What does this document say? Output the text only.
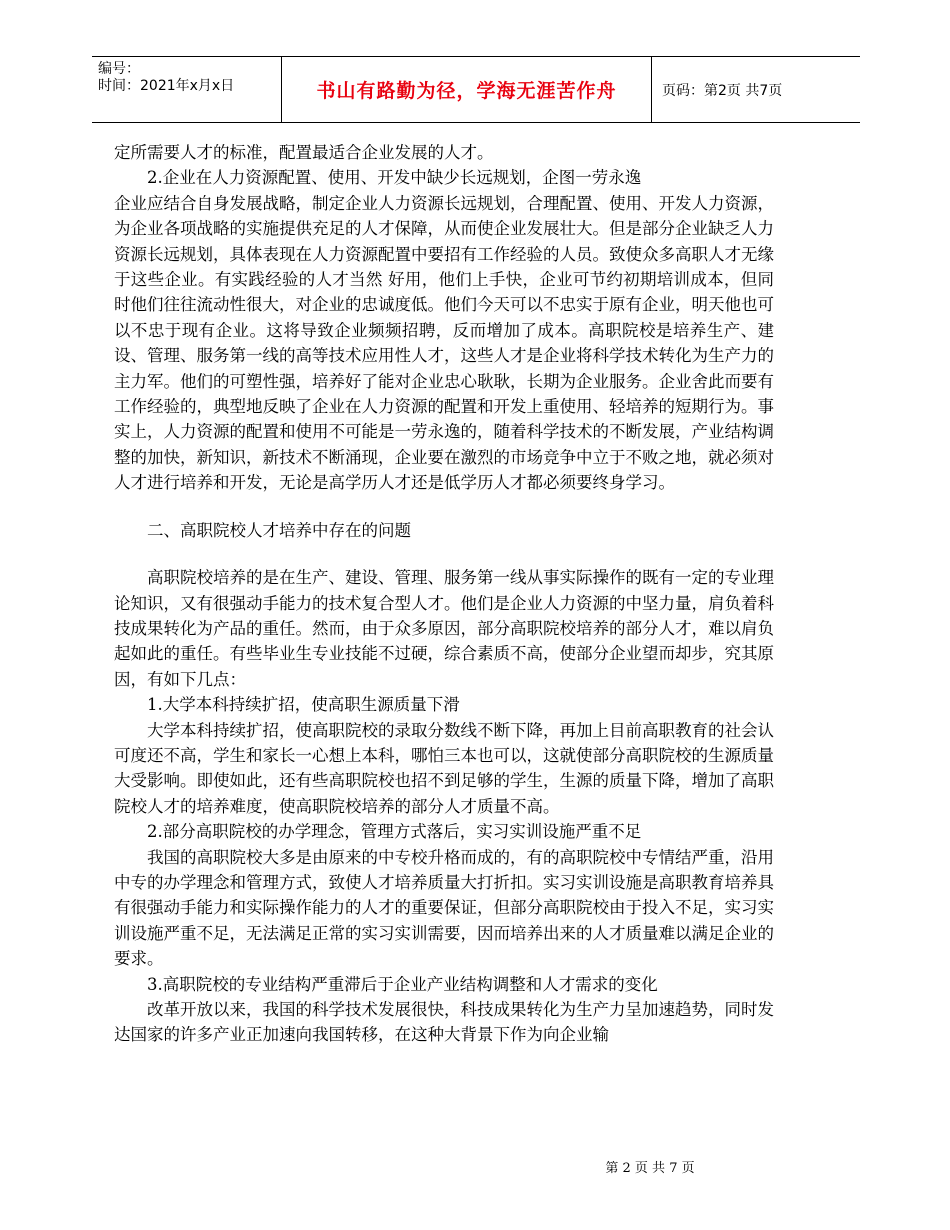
编号：
时间：2021年x月x日	书山有路勤为径，学海无涯苦作舟	页码：第2页 共7页

定所需要人才的标准，配置最适合企业发展的人才。

2.企业在人力资源配置、使用、开发中缺少长远规划，企图一劳永逸

企业应结合自身发展战略，制定企业人力资源长远规划，合理配置、使用、开发人力资源，为企业各项战略的实施提供充足的人才保障，从而使企业发展壮大。但是部分企业缺乏人力资源长远规划，具体表现在人力资源配置中要招有工作经验的人员。致使众多高职人才无缘于这些企业。有实践经验的人才当然 好用，他们上手快，企业可节约初期培训成本，但同时他们往往流动性很大，对企业的忠诚度低。他们今天可以不忠实于原有企业，明天他也可以不忠于现有企业。这将导致企业频频招聘，反而增加了成本。高职院校是培养生产、建设、管理、服务第一线的高等技术应用性人才，这些人才是企业将科学技术转化为生产力的主力军。他们的可塑性强，培养好了能对企业忠心耿耿，长期为企业服务。企业舍此而要有工作经验的，典型地反映了企业在人力资源的配置和开发上重使用、轻培养的短期行为。事实上，人力资源的配置和使用不可能是一劳永逸的，随着科学技术的不断发展，产业结构调整的加快，新知识，新技术不断涌现，企业要在激烈的市场竞争中立于不败之地，就必须对人才进行培养和开发，无论是高学历人才还是低学历人才都必须要终身学习。

二、高职院校人才培养中存在的问题

高职院校培养的是在生产、建设、管理、服务第一线从事实际操作的既有一定的专业理论知识，又有很强动手能力的技术复合型人才。他们是企业人力资源的中坚力量，肩负着科技成果转化为产品的重任。然而，由于众多原因，部分高职院校培养的部分人才，难以肩负起如此的重任。有些毕业生专业技能不过硬，综合素质不高，使部分企业望而却步，究其原因，有如下几点：

1.大学本科持续扩招，使高职生源质量下滑

大学本科持续扩招，使高职院校的录取分数线不断下降，再加上目前高职教育的社会认可度还不高，学生和家长一心想上本科，哪怕三本也可以，这就使部分高职院校的生源质量大受影响。即使如此，还有些高职院校也招不到足够的学生，生源的质量下降，增加了高职院校人才的培养难度，使高职院校培养的部分人才质量不高。

2.部分高职院校的办学理念，管理方式落后，实习实训设施严重不足

我国的高职院校大多是由原来的中专校升格而成的，有的高职院校中专情结严重，沿用中专的办学理念和管理方式，致使人才培养质量大打折扣。实习实训设施是高职教育培养具有很强动手能力和实际操作能力的人才的重要保证，但部分高职院校由于投入不足，实习实训设施严重不足，无法满足正常的实习实训需要，因而培养出来的人才质量难以满足企业的要求。

3.高职院校的专业结构严重滞后于企业产业结构调整和人才需求的变化

改革开放以来，我国的科学技术发展很快，科技成果转化为生产力呈加速趋势，同时发达国家的许多产业正加速向我国转移，在这种大背景下作为向企业输

第 2 页 共 7 页
